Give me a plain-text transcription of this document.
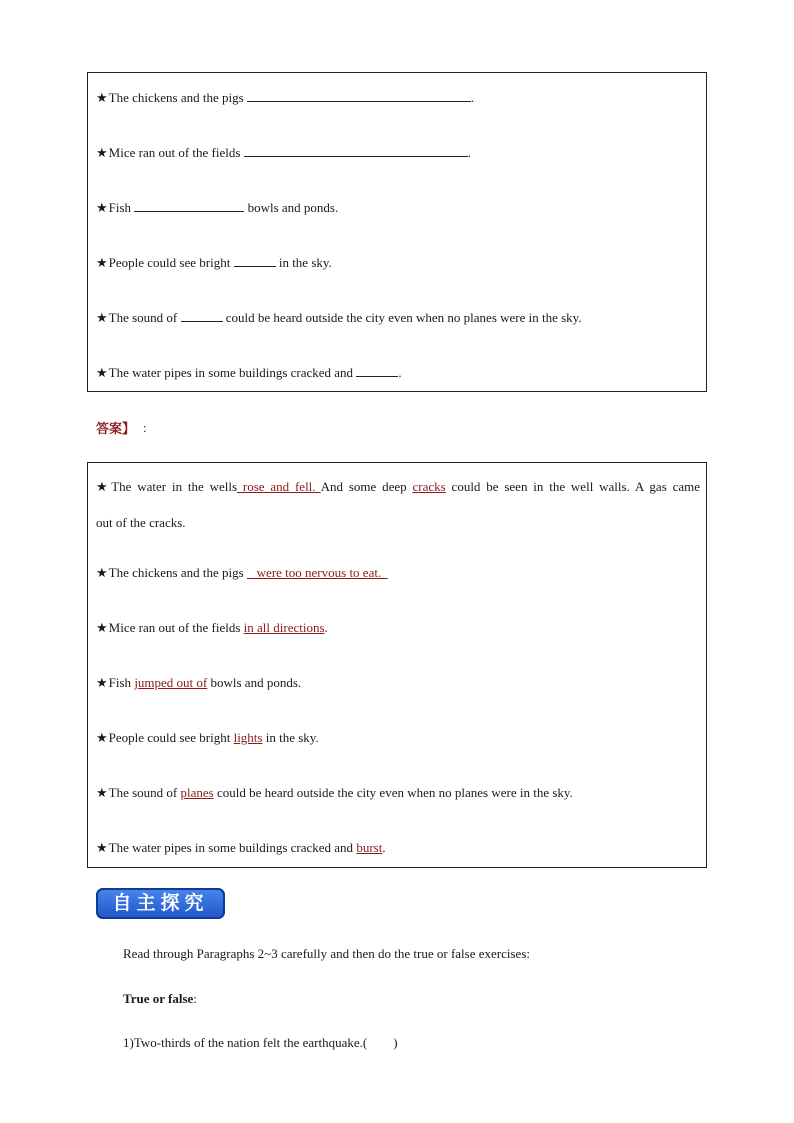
★The chickens and the pigs	.
★Mice ran out of the fields	.
★Fish	bowls and ponds.
★People could see bright	in the sky.
★The sound of	could be heard outside the city even when no planes were in the sky.
★The water pipes in some buildings cracked and	.
答案】 :
★The water in the wells rose and fell. And some deep cracks could be seen in the well walls. A gas came
out of the cracks.
★The chickens and the pigs    were too nervous to eat.
★Mice ran out of the fields in all directions.
★Fish jumped out of bowls and ponds.
★People could see bright lights in the sky.
★The sound of planes could be heard outside the city even when no planes were in the sky.
★The water pipes in some buildings cracked and burst.
自主探究
Read through Paragraphs 2~3 carefully and then do the true or false exercises:
True or false:
1)Two-thirds of the nation felt the earthquake.(        )
